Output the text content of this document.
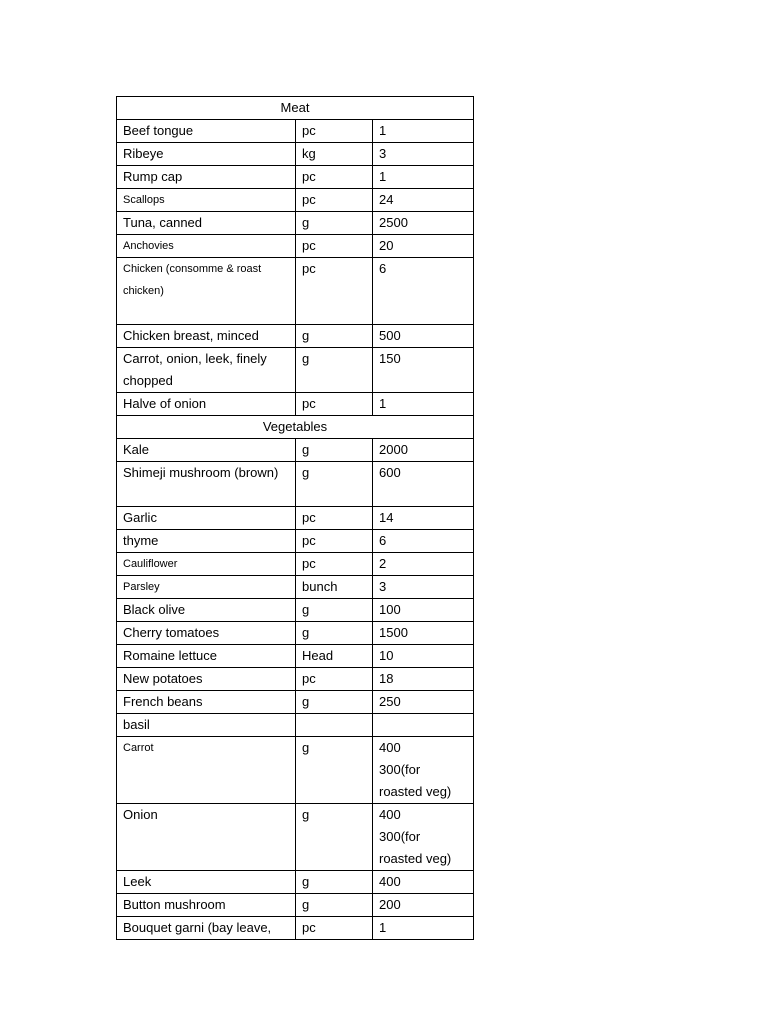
Meat		
Beef tongue	pc	1
Ribeye	kg	3
Rump cap	pc	1
Scallops	pc	24
Tuna, canned	g	2500
Anchovies	pc	20
Chicken (consomme & roast chicken)	pc	6

Chicken breast, minced	g	500
Carrot, onion, leek, finely chopped	g	150
Halve of onion	pc	1
Vegetables		
Kale	g	2000
Shimeji mushroom (brown)	g	600
Garlic	pc	14
thyme	pc	6
Cauliflower	pc	2
Parsley	bunch	3
Black olive	g	100
Cherry tomatoes	g	1500
Romaine lettuce	Head	10
New potatoes	pc	18
French beans	g	250
basil		
Carrot	g	400
300(for roasted veg)

Onion	g	400
300(for roasted veg)

Leek	g	400
Button mushroom	g	200

Bouquet garni (bay leave,	pc	1
